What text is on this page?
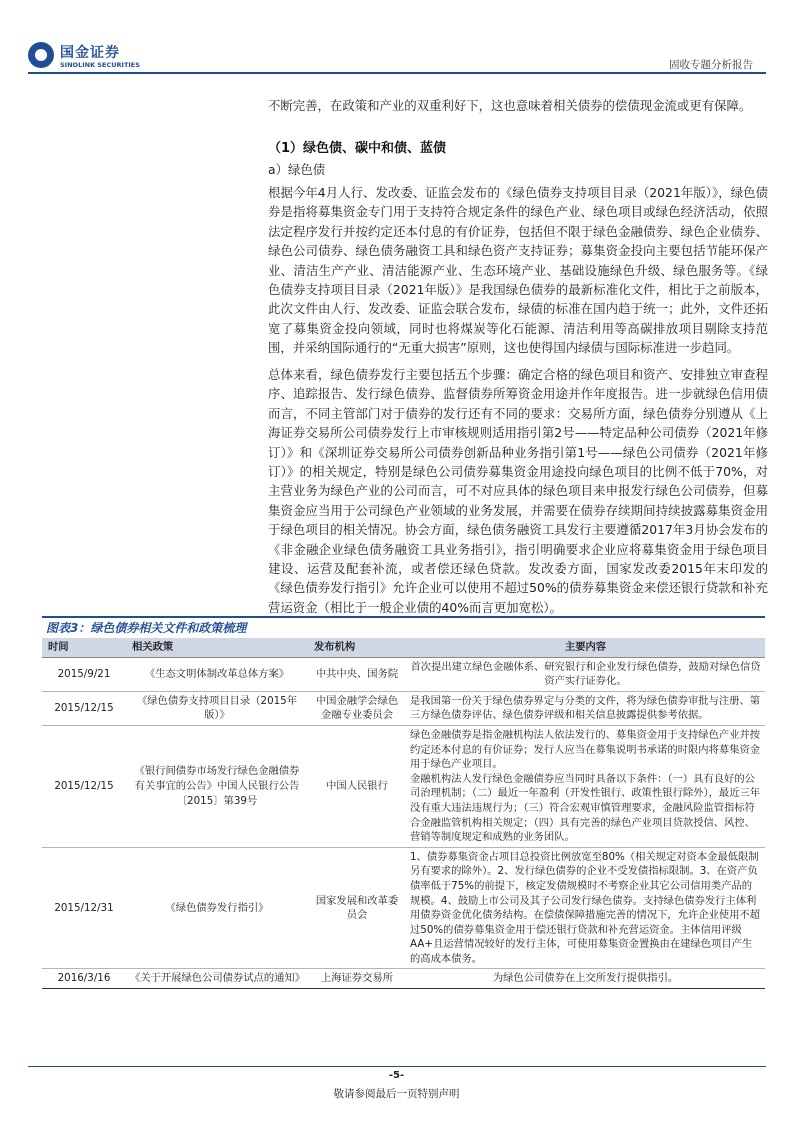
国金证券
SINOLINK SECURITIES	固收专题分析报告
不断完善，在政策和产业的双重利好下，这也意味着相关债券的偿债现金流或更有保障。
（1）绿色债、碳中和债、蓝债
a）绿色债
根据今年4月人行、发改委、证监会发布的《绿色债券支持项目目录（2021年版）》，绿色债券是指将募集资金专门用于支持符合规定条件的绿色产业、绿色项目或绿色经济活动，依照法定程序发行并按约定还本付息的有价证券，包括但不限于绿色金融债券、绿色企业债券、绿色公司债券、绿色债务融资工具和绿色资产支持证券；募集资金投向主要包括节能环保产业、清洁生产产业、清洁能源产业、生态环境产业、基础设施绿色升级、绿色服务等。《绿色债券支持项目目录（2021年版）》是我国绿色债券的最新标准化文件，相比于之前版本，此次文件由人行、发改委、证监会联合发布，绿债的标准在国内趋于统一；此外，文件还拓宽了募集资金投向领域，同时也将煤炭等化石能源、清洁利用等高碳排放项目剔除支持范围，并采纳国际通行的“无重大损害”原则，这也使得国内绿债与国际标准进一步趋同。
总体来看，绿色债券发行主要包括五个步骤：确定合格的绿色项目和资产、安排独立审查程序、追踪报告、发行绿色债券、监督债券所筹资金用途并作年度报告。进一步就绿色信用债而言，不同主管部门对于债券的发行还有不同的要求：交易所方面，绿色债券分别遵从《上海证券交易所公司债券发行上市审核规则适用指引第2号——特定品种公司债券（2021年修订）》和《深圳证券交易所公司债券创新品种业务指引第1号——绿色公司债券（2021年修订）》的相关规定，特别是绿色公司债券募集资金用途投向绿色项目的比例不低于70%，对主营业务为绿色产业的公司而言，可不对应具体的绿色项目来申报发行绿色公司债券，但募集资金应当用于公司绿色产业领域的业务发展，并需要在债券存续期间持续披露募集资金用于绿色项目的相关情况。协会方面，绿色债务融资工具发行主要遵循2017年3月协会发布的《非金融企业绿色债务融资工具业务指引》，指引明确要求企业应将募集资金用于绿色项目建设、运营及配套补流，或者偿还绿色贷款。发改委方面，国家发改委2015年末印发的《绿色债券发行指引》允许企业可以使用不超过50%的债券募集资金来偿还银行贷款和补充营运资金（相比于一般企业债的40%而言更加宽松）。
图表3：绿色债券相关文件和政策梳理
时间	相关政策	发布机构	主要内容
2015/9/21	《生态文明体制改革总体方案》	中共中央、国务院	首次提出建立绿色金融体系、研究银行和企业发行绿色债券，鼓励对绿色信贷资产实行证券化。
2015/12/15	《绿色债券支持项目目录（2015年版）》	中国金融学会绿色金融专业委员会	是我国第一份关于绿色债券界定与分类的文件，将为绿色债券审批与注册、第三方绿色债券评估、绿色债券评级和相关信息披露提供参考依据。
2015/12/15	《银行间债券市场发行绿色金融债券有关事宜的公告》中国人民银行公告〔2015〕第39号	中国人民银行	绿色金融债券是指金融机构法人依法发行的、募集资金用于支持绿色产业并按约定还本付息的有价证券；发行人应当在募集说明书承诺的时限内将募集资金用于绿色产业项目。
金融机构法人发行绿色金融债券应当同时具备以下条件：（一）具有良好的公司治理机制；（二）最近一年盈利（开发性银行、政策性银行除外），最近三年没有重大违法违规行为；（三）符合宏观审慎管理要求，金融风险监管指标符合金融监管机构相关规定；（四）具有完善的绿色产业项目贷款授信、风控、营销等制度规定和成熟的业务团队。

2015/12/31	《绿色债券发行指引》	国家发展和改革委员会	1、债券募集资金占项目总投资比例放宽至80%（相关规定对资本金最低限制另有要求的除外）。2、发行绿色债券的企业不受发债指标限制。3、在资产负债率低于75%的前提下，核定发债规模时不考察企业其它公司信用类产品的规模。4、鼓励上市公司及其子公司发行绿色债券。支持绿色债券发行主体利用债券资金优化债务结构。在偿债保障措施完善的情况下，允许企业使用不超过50%的债券募集资金用于偿还银行贷款和补充营运资金。主体信用评级AA+且运营情况较好的发行主体，可使用募集资金置换由在建绿色项目产生的高成本债务。
2016/3/16	《关于开展绿色公司债券试点的通知》	上海证券交易所	为绿色公司债券在上交所发行提供指引。
-5-
敬请参阅最后一页特别声明
